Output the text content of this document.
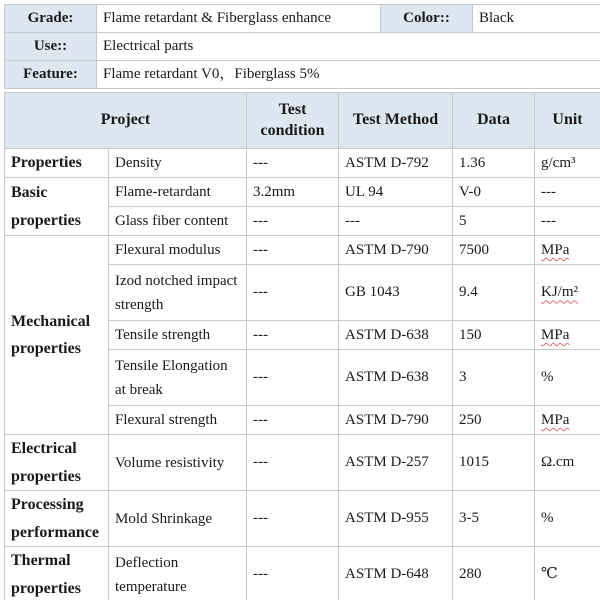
Grade:	Flame retardant & Fiberglass enhance	Color::	Black
Use::	Electrical parts		
Feature:	Flame retardant V0，Fiberglass 5%		
Project		Test condition	Test Method	Data	Unit
Properties	Density	---	ASTM D-792	1.36	g/cm³
Basic properties	Flame-retardant	3.2mm	UL 94	V-0	---
	Glass fiber content	---	---	5	---
Mechanical properties	Flexural modulus	---	ASTM D-790	7500	MPa
	Izod notched impact strength	---	GB 1043	9.4	KJ/m²
	Tensile strength	---	ASTM D-638	150	MPa
	Tensile Elongation at break	---	ASTM D-638	3	%
	Flexural strength	---	ASTM D-790	250	MPa
Electrical properties	Volume resistivity	---	ASTM D-257	1015	Ω.cm
Processing performance	Mold Shrinkage	---	ASTM D-955	3-5	%
Thermal properties	Deflection temperature	---	ASTM D-648	280	℃
